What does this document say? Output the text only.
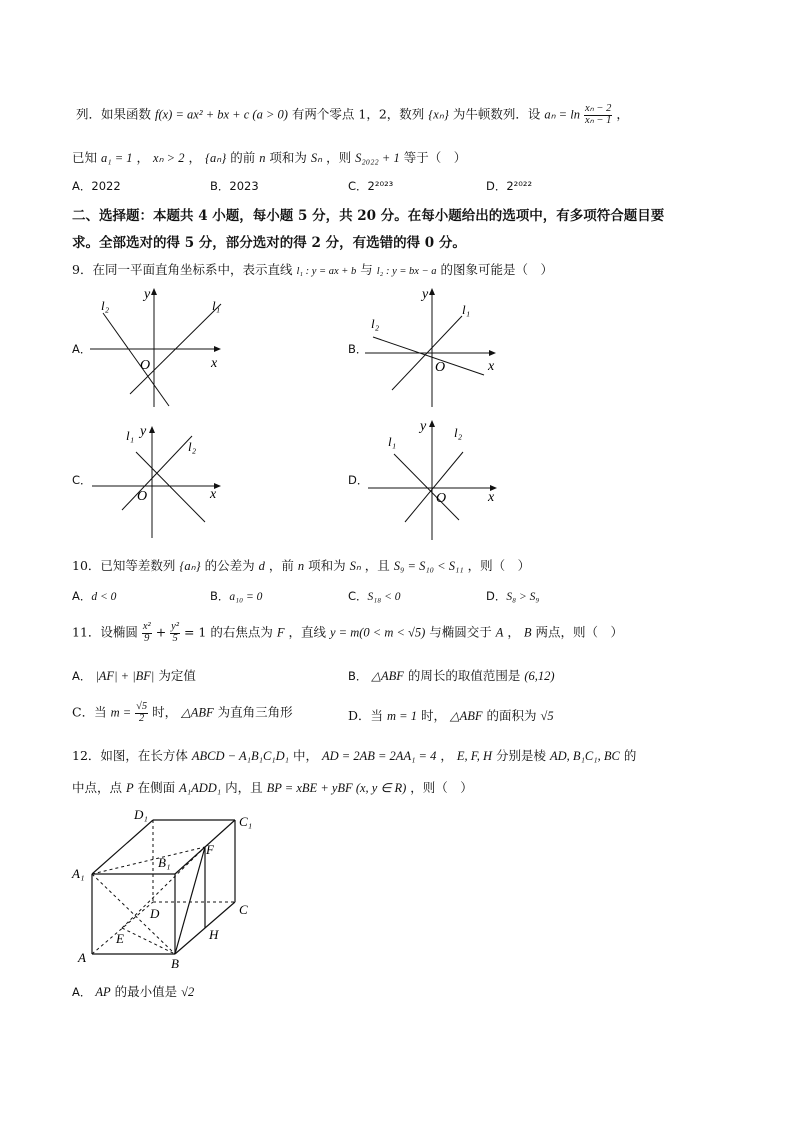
列．如果函数 f(x) = ax² + bx + c (a > 0) 有两个零点 1，2，数列 {xₙ} 为牛顿数列．设 $a_n = \ln \frac{\text{xₙ − 2}}{\text{xₙ − 1}}$ ，
已知 a₁ = 1 ， xₙ > 2 ， {aₙ} 的前 n 项和为 Sₙ ，则 S₂₀₂₂ + 1 等于（　）
A．2022	B．2023	C．2²⁰²³	D．2²⁰²²
二、选择题：本题共 4 小题，每小题 5 分，共 20 分。在每小题给出的选项中，有多项符合题目要
求。全部选对的得 5 分，部分选对的得 2 分，有选错的得 0 分。
9．在同一平面直角坐标系中，表示直线 l₁ : y = ax + b 与 l₂ : y = bx − a 的图象可能是（　）
A．	B．
C．	D．
y
x
O
l₁
l₂
y
x
O
l₁
l₂
y
x
O
l₁
l₂
y
x
O
l₁
l₂
10．已知等差数列 {aₙ} 的公差为 d ，前 n 项和为 Sₙ ，且 S₉ = S₁₀ < S₁₁ ，则（　）
A．d < 0	B．a₁₀ = 0	C．S₁₈ < 0	D．S₈ > S₉
11．设椭圆 $\frac{\text{x²}}{9} + \frac{\text{y²}}{5} = 1$ 的右焦点为 F ，直线 y = m(0 < m < √5) 与椭圆交于 A ， B 两点，则（　）
A． |AF| + |BF| 为定值	B． △ABF 的周长的取值范围是 (6,12)
C．当 $m = \frac{√5}{2}$ 时， △ABF 为直角三角形	D．当 m = 1 时， △ABF 的面积为 √5
12．如图，在长方体 ABCD − A₁B₁C₁D₁ 中， AD = 2AB = 2AA₁ = 4 ， E, F, H 分别是棱 AD, B₁C₁, BC 的
中点，点 P 在侧面 A₁ADD₁ 内，且 BP = xBE + yBF (x, y ∈ R) ，则（　）
D₁	C₁
B₁
A₁
F
D	C
E	H
A	B
A． AP 的最小值是 √2
